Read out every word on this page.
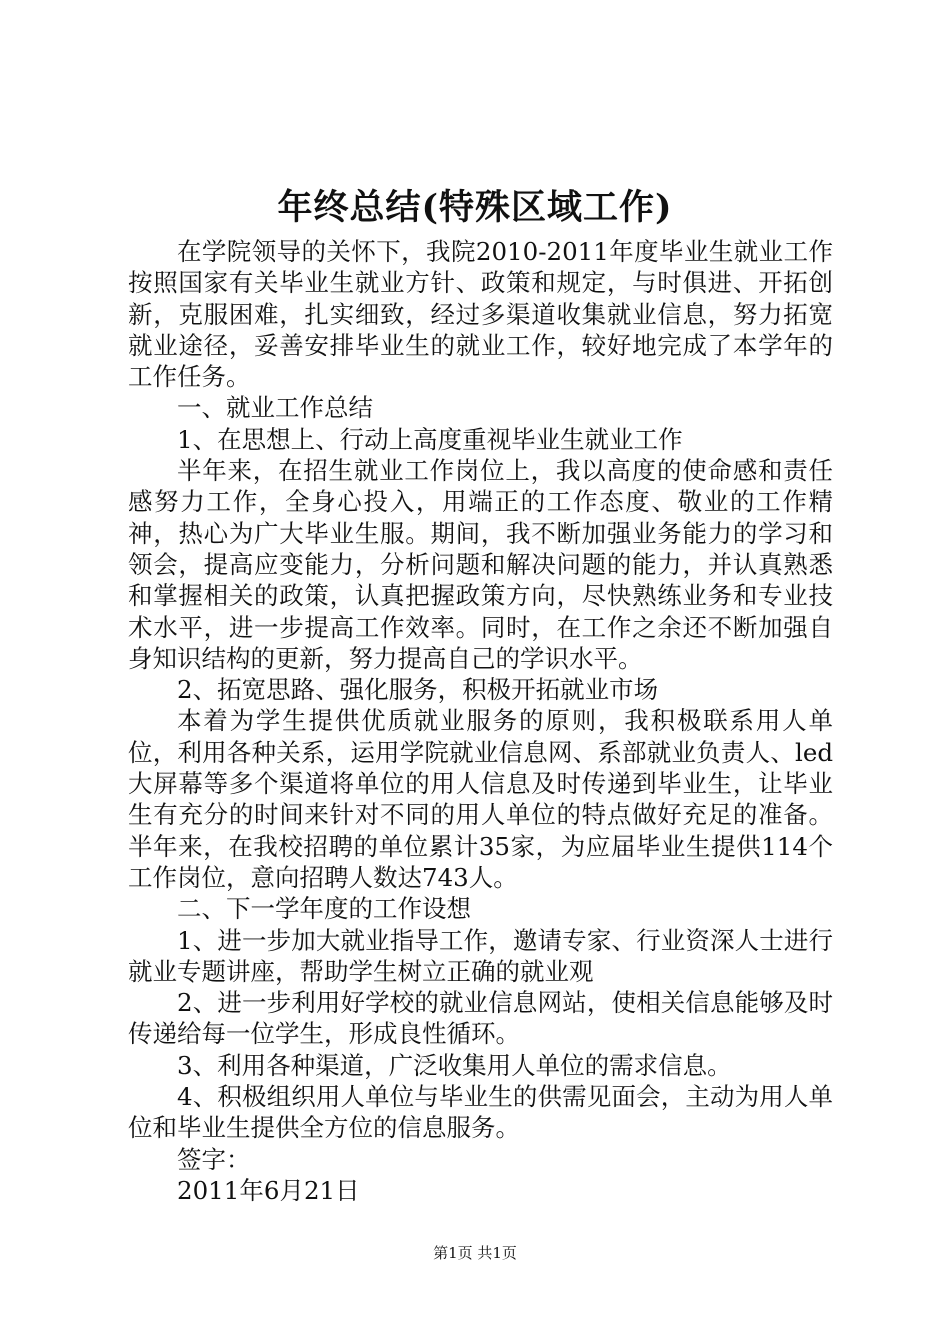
年终总结(特殊区域工作)

在学院领导的关怀下，我院2010-2011年度毕业生就业工作按照国家有关毕业生就业方针、政策和规定，与时俱进、开拓创新，克服困难，扎实细致，经过多渠道收集就业信息，努力拓宽就业途径，妥善安排毕业生的就业工作，较好地完成了本学年的工作任务。

一、就业工作总结

1、在思想上、行动上高度重视毕业生就业工作

半年来，在招生就业工作岗位上，我以高度的使命感和责任感努力工作，全身心投入，用端正的工作态度、敬业的工作精神，热心为广大毕业生服。期间，我不断加强业务能力的学习和领会，提高应变能力，分析问题和解决问题的能力，并认真熟悉和掌握相关的政策，认真把握政策方向，尽快熟练业务和专业技术水平，进一步提高工作效率。同时，在工作之余还不断加强自身知识结构的更新，努力提高自己的学识水平。

2、拓宽思路、强化服务，积极开拓就业市场

本着为学生提供优质就业服务的原则，我积极联系用人单位，利用各种关系，运用学院就业信息网、系部就业负责人、led大屏幕等多个渠道将单位的用人信息及时传递到毕业生，让毕业生有充分的时间来针对不同的用人单位的特点做好充足的准备。半年来，在我校招聘的单位累计35家，为应届毕业生提供114个工作岗位，意向招聘人数达743人。

二、下一学年度的工作设想

1、进一步加大就业指导工作，邀请专家、行业资深人士进行就业专题讲座，帮助学生树立正确的就业观

2、进一步利用好学校的就业信息网站，使相关信息能够及时传递给每一位学生，形成良性循环。

3、利用各种渠道，广泛收集用人单位的需求信息。

4、积极组织用人单位与毕业生的供需见面会，主动为用人单位和毕业生提供全方位的信息服务。

签字：

2011年6月21日

第1页 共1页
